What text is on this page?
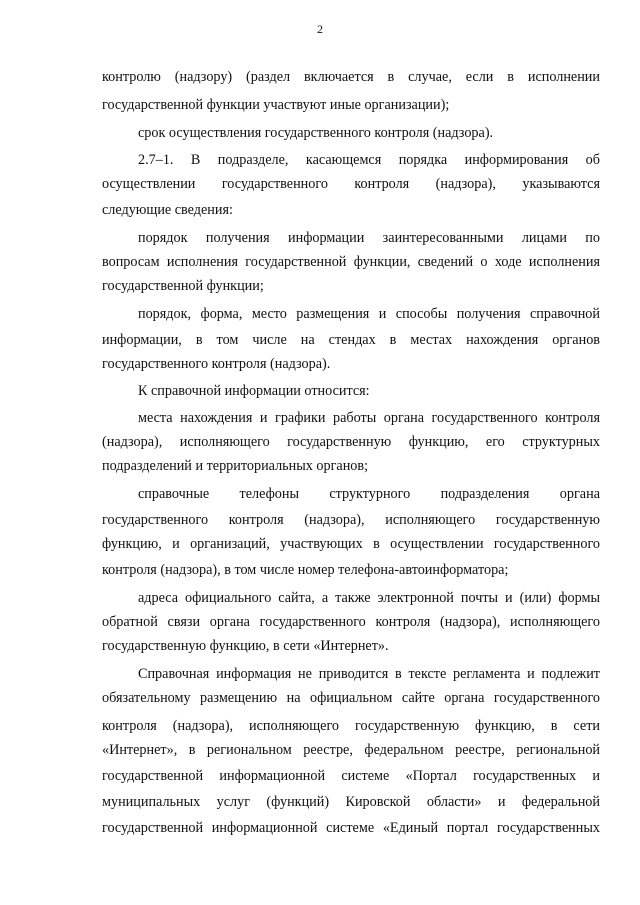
2
контролю (надзору) (раздел включается в случае, если в исполнении
государственной функции участвуют иные организации);
срок осуществления государственного контроля (надзора).
2.7–1. В подразделе, касающемся порядка информирования об
осуществлении государственного контроля (надзора), указываются
следующие сведения:
порядок получения информации заинтересованными лицами по
вопросам исполнения государственной функции, сведений о ходе исполнения
государственной функции;
порядок, форма, место размещения и способы получения справочной
информации, в том числе на стендах в местах нахождения органов
государственного контроля (надзора).
К справочной информации относится:
места нахождения и графики работы органа государственного контроля
(надзора), исполняющего государственную функцию, его структурных
подразделений и территориальных органов;
справочные телефоны структурного подразделения органа
государственного контроля (надзора), исполняющего государственную
функцию, и организаций, участвующих в осуществлении государственного
контроля (надзора), в том числе номер телефона-автоинформатора;
адреса официального сайта, а также электронной почты и (или) формы
обратной связи органа государственного контроля (надзора), исполняющего
государственную функцию, в сети «Интернет».
Справочная информация не приводится в тексте регламента и подлежит
обязательному размещению на официальном сайте органа государственного
контроля (надзора), исполняющего государственную функцию, в сети
«Интернет», в региональном реестре, федеральном реестре, региональной
государственной информационной системе «Портал государственных и
муниципальных услуг (функций) Кировской области» и федеральной
государственной информационной системе «Единый портал государственных
